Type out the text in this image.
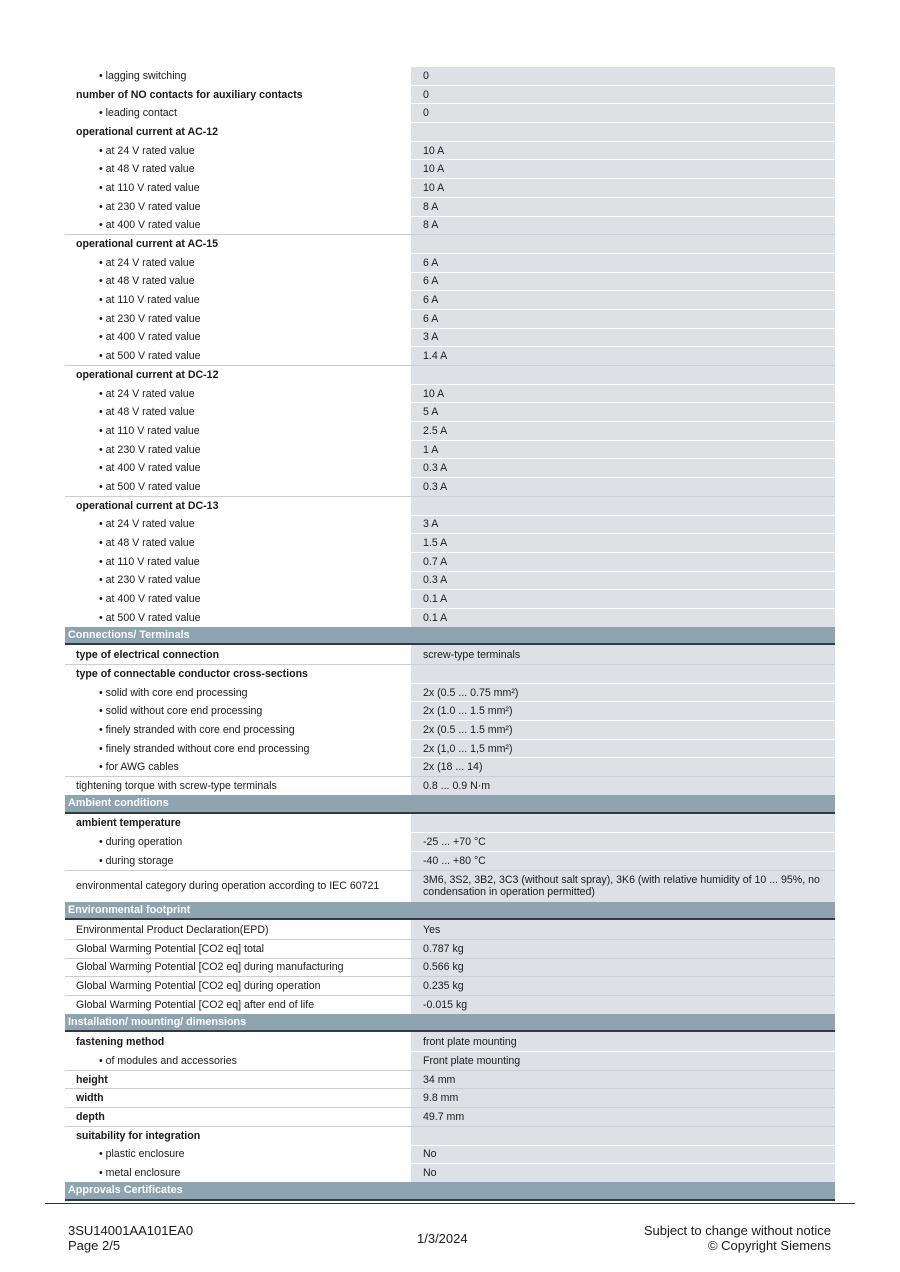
• lagging switching	0
number of NO contacts for auxiliary contacts	0
• leading contact	0
operational current at AC-12
• at 24 V rated value	10 A
• at 48 V rated value	10 A
• at 110 V rated value	10 A
• at 230 V rated value	8 A
• at 400 V rated value	8 A
operational current at AC-15
• at 24 V rated value	6 A
• at 48 V rated value	6 A
• at 110 V rated value	6 A
• at 230 V rated value	6 A
• at 400 V rated value	3 A
• at 500 V rated value	1.4 A
operational current at DC-12
• at 24 V rated value	10 A
• at 48 V rated value	5 A
• at 110 V rated value	2.5 A
• at 230 V rated value	1 A
• at 400 V rated value	0.3 A
• at 500 V rated value	0.3 A
operational current at DC-13
• at 24 V rated value	3 A
• at 48 V rated value	1.5 A
• at 110 V rated value	0.7 A
• at 230 V rated value	0.3 A
• at 400 V rated value	0.1 A
• at 500 V rated value	0.1 A
Connections/ Terminals
type of electrical connection	screw-type terminals
type of connectable conductor cross-sections
• solid with core end processing	2x (0.5 ... 0.75 mm²)
• solid without core end processing	2x (1.0 ... 1.5 mm²)
• finely stranded with core end processing	2x (0.5 ... 1.5 mm²)
• finely stranded without core end processing	2x (1,0 ... 1,5 mm²)
• for AWG cables	2x (18 ... 14)
tightening torque with screw-type terminals	0.8 ... 0.9 N·m
Ambient conditions
ambient temperature
• during operation	-25 ... +70 °C
• during storage	-40 ... +80 °C
environmental category during operation according to IEC 60721	3M6, 3S2, 3B2, 3C3 (without salt spray), 3K6 (with relative humidity of 10 ... 95%, no condensation in operation permitted)
Environmental footprint
Environmental Product Declaration(EPD)	Yes
Global Warming Potential [CO2 eq] total	0.787 kg
Global Warming Potential [CO2 eq] during manufacturing	0.566 kg
Global Warming Potential [CO2 eq] during operation	0.235 kg
Global Warming Potential [CO2 eq] after end of life	-0.015 kg
Installation/ mounting/ dimensions
fastening method	front plate mounting
• of modules and accessories	Front plate mounting
height	34 mm
width	9.8 mm
depth	49.7 mm
suitability for integration
• plastic enclosure	No
• metal enclosure	No
Approvals Certificates
3SU14001AA101EA0
Page 2/5	1/3/2024
Subject to change without notice
© Copyright Siemens
